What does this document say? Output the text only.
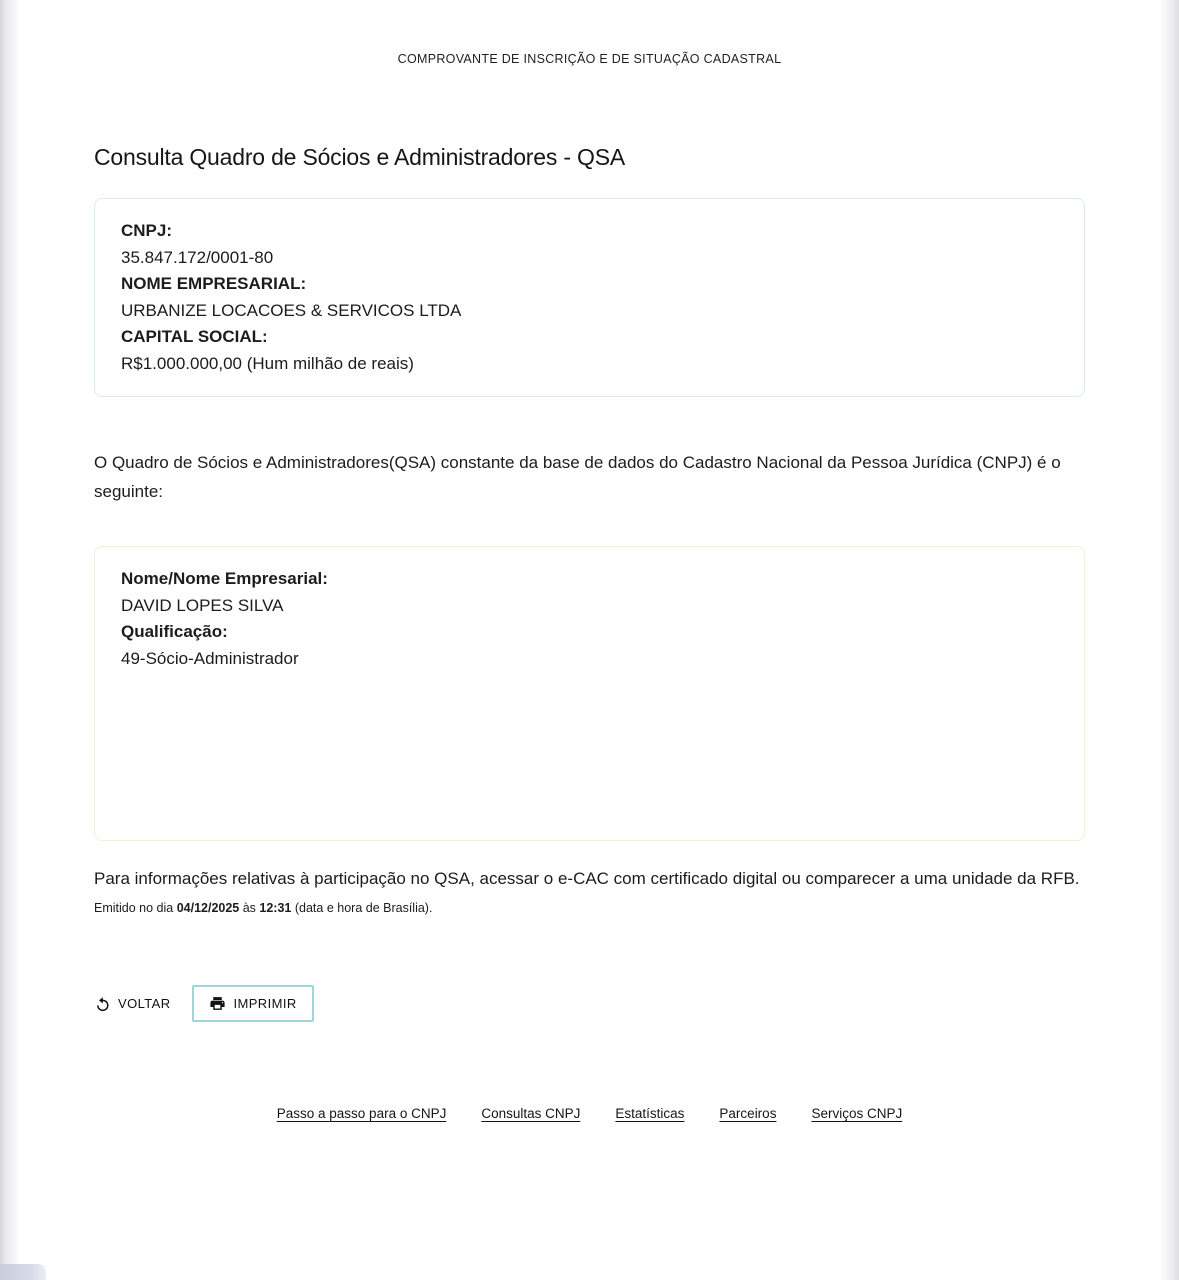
COMPROVANTE DE INSCRIÇÃO E DE SITUAÇÃO CADASTRAL
Consulta Quadro de Sócios e Administradores - QSA
CNPJ:
35.847.172/0001-80
NOME EMPRESARIAL:
URBANIZE LOCACOES & SERVICOS LTDA
CAPITAL SOCIAL:
R$1.000.000,00 (Hum milhão de reais)

O Quadro de Sócios e Administradores(QSA) constante da base de dados do Cadastro Nacional da Pessoa Jurídica (CNPJ) é o seguinte:

Nome/Nome Empresarial:
DAVID LOPES SILVA
Qualificação:
49-Sócio-Administrador

Para informações relativas à participação no QSA, acessar o e-CAC com certificado digital ou comparecer a uma unidade da RFB.

Emitido no dia 04/12/2025 às 12:31 (data e hora de Brasília).

VOLTAR	IMPRIMIR
Passo a passo para o CNPJ	Consultas CNPJ	Estatísticas	Parceiros	Serviços CNPJ
